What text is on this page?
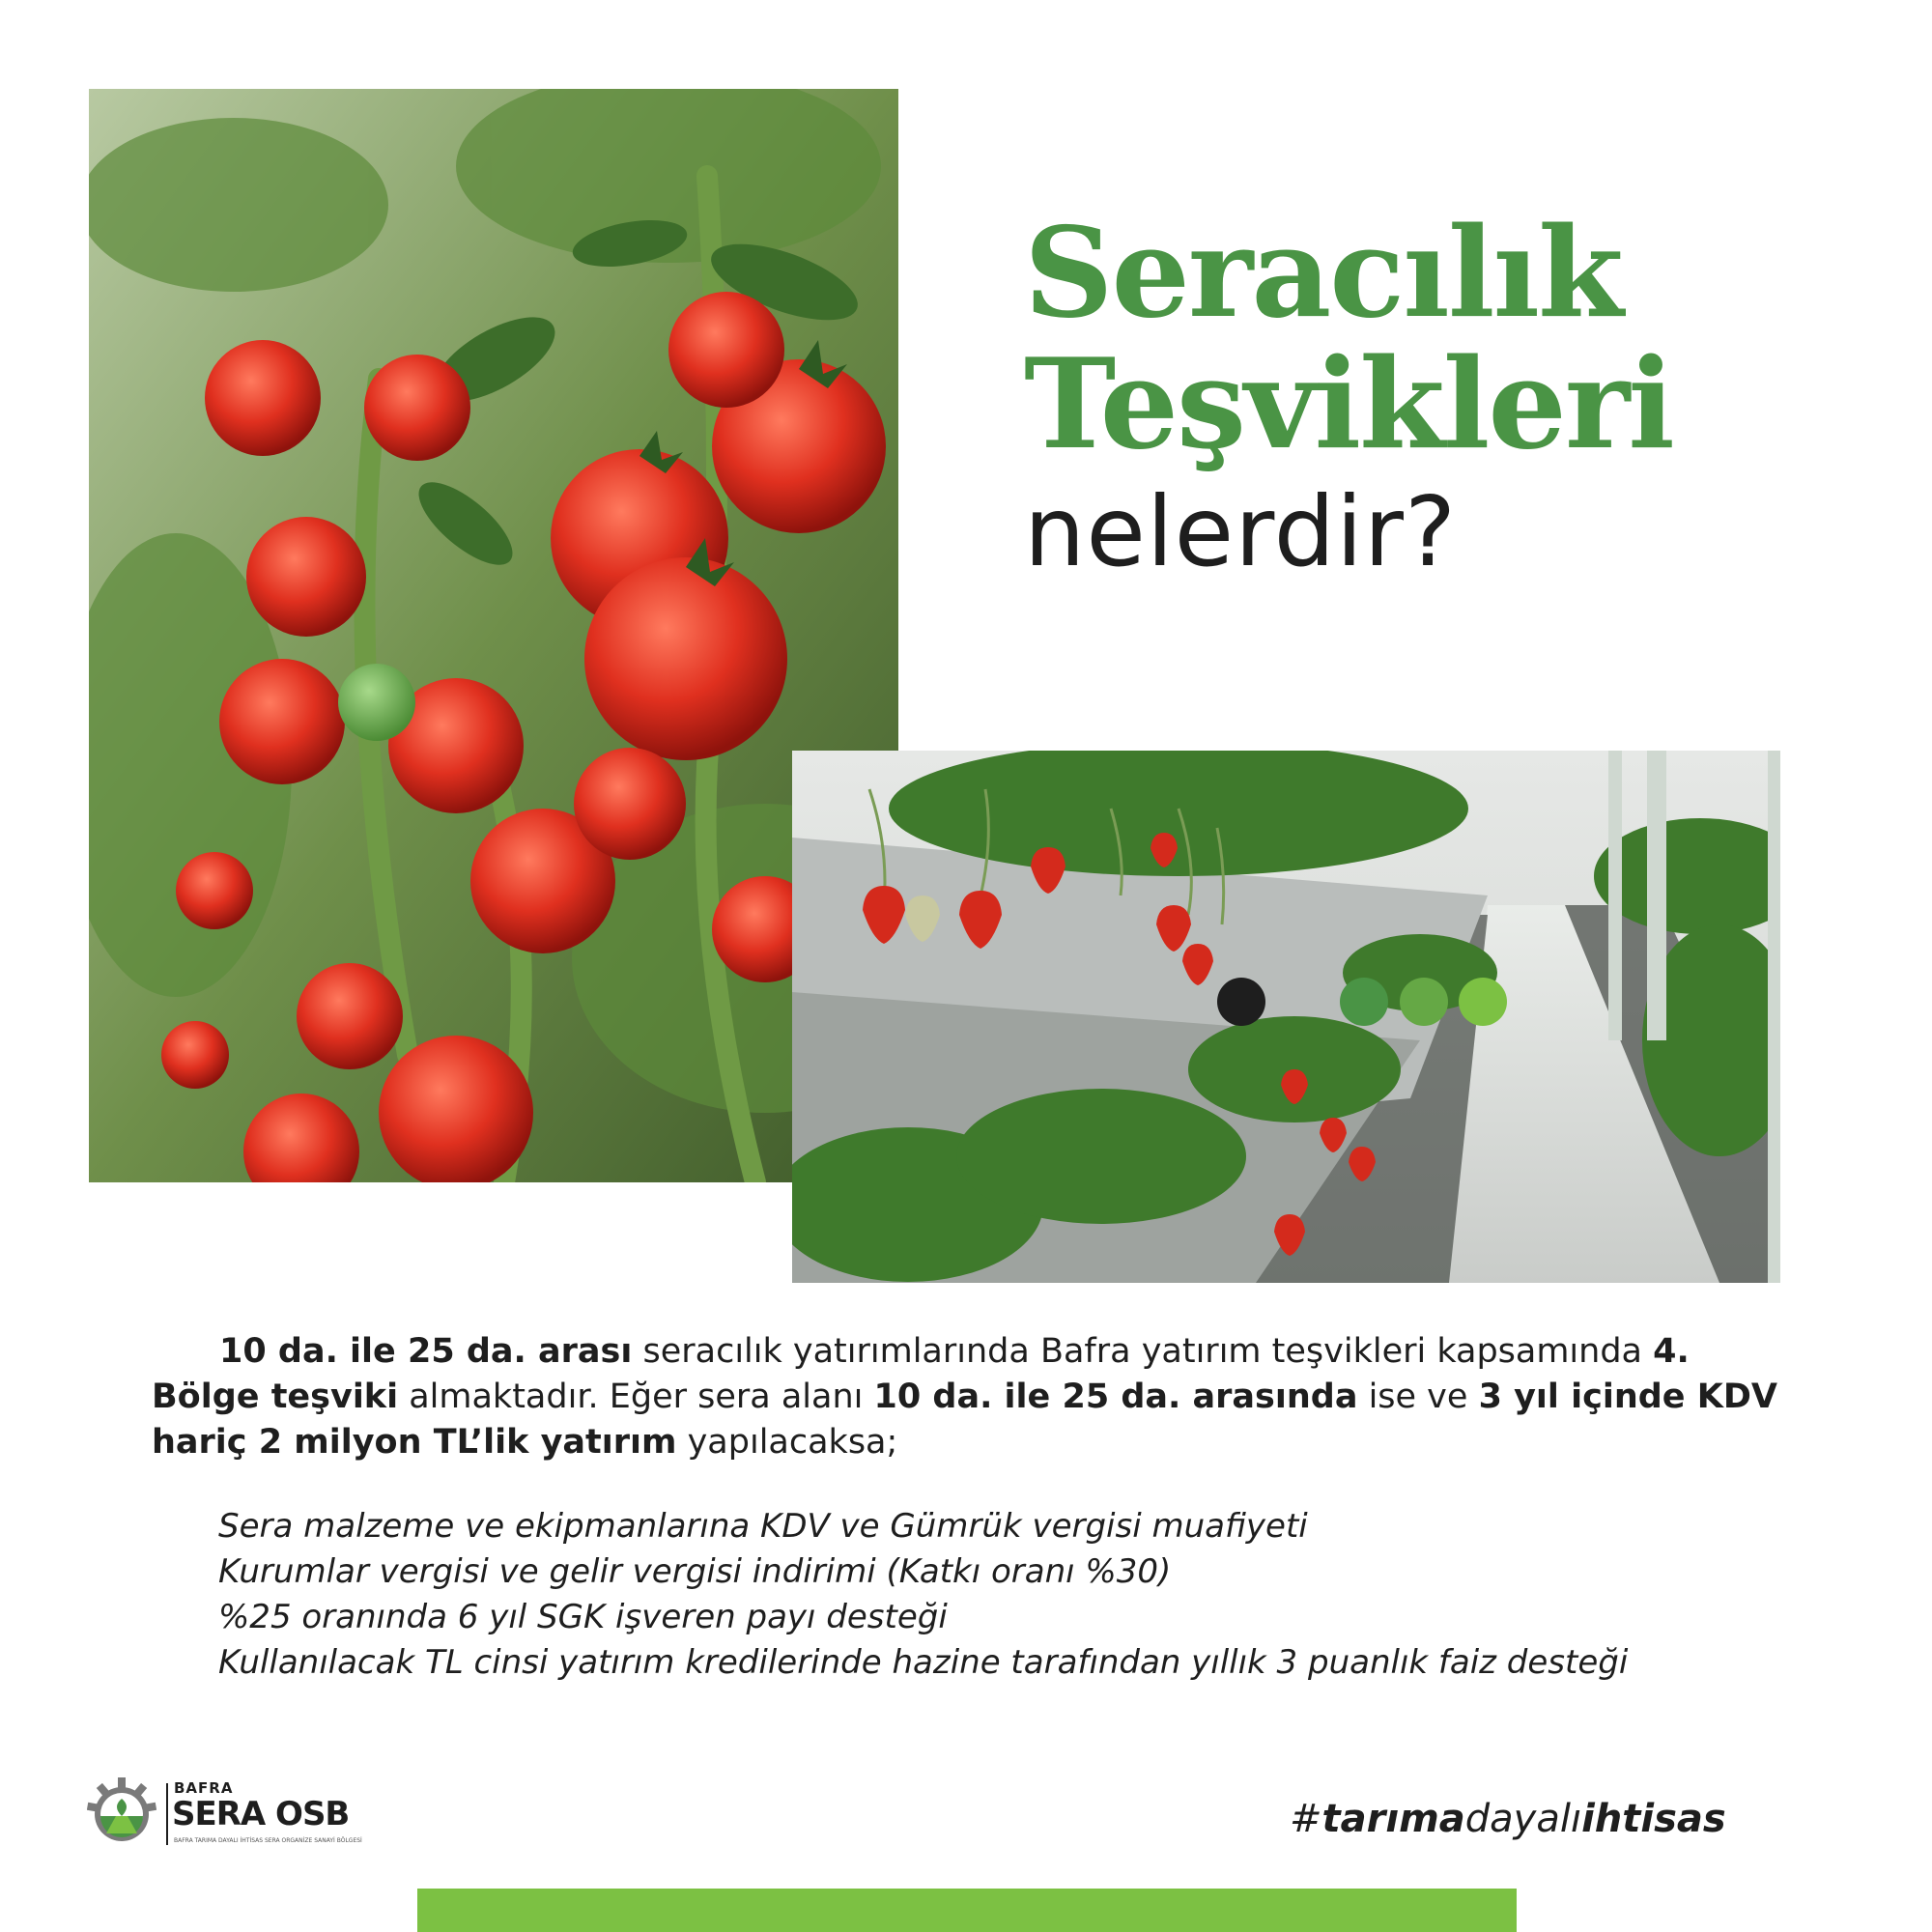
Seracılık
Teşvikleri
nelerdir?

10 da. ile 25 da. arası seracılık yatırımlarında Bafra yatırım teşvikleri kapsamında 4. Bölge teşviki almaktadır. Eğer sera alanı 10 da. ile 25 da. arasında ise ve 3 yıl içinde KDV hariç 2 milyon TL’lik yatırım yapılacaksa;

Sera malzeme ve ekipmanlarına KDV ve Gümrük vergisi muafiyeti
Kurumlar vergisi ve gelir vergisi indirimi (Katkı oranı %30)
%25 oranında 6 yıl SGK işveren payı desteği
Kullanılacak TL cinsi yatırım kredilerinde hazine tarafından yıllık 3 puanlık faiz desteği
BAFRA
SERA OSB
BAFRA TARIMA DAYALI İHTİSAS SERA ORGANİZE SANAYİ BÖLGESİ	#tarımadayalıihtisas
